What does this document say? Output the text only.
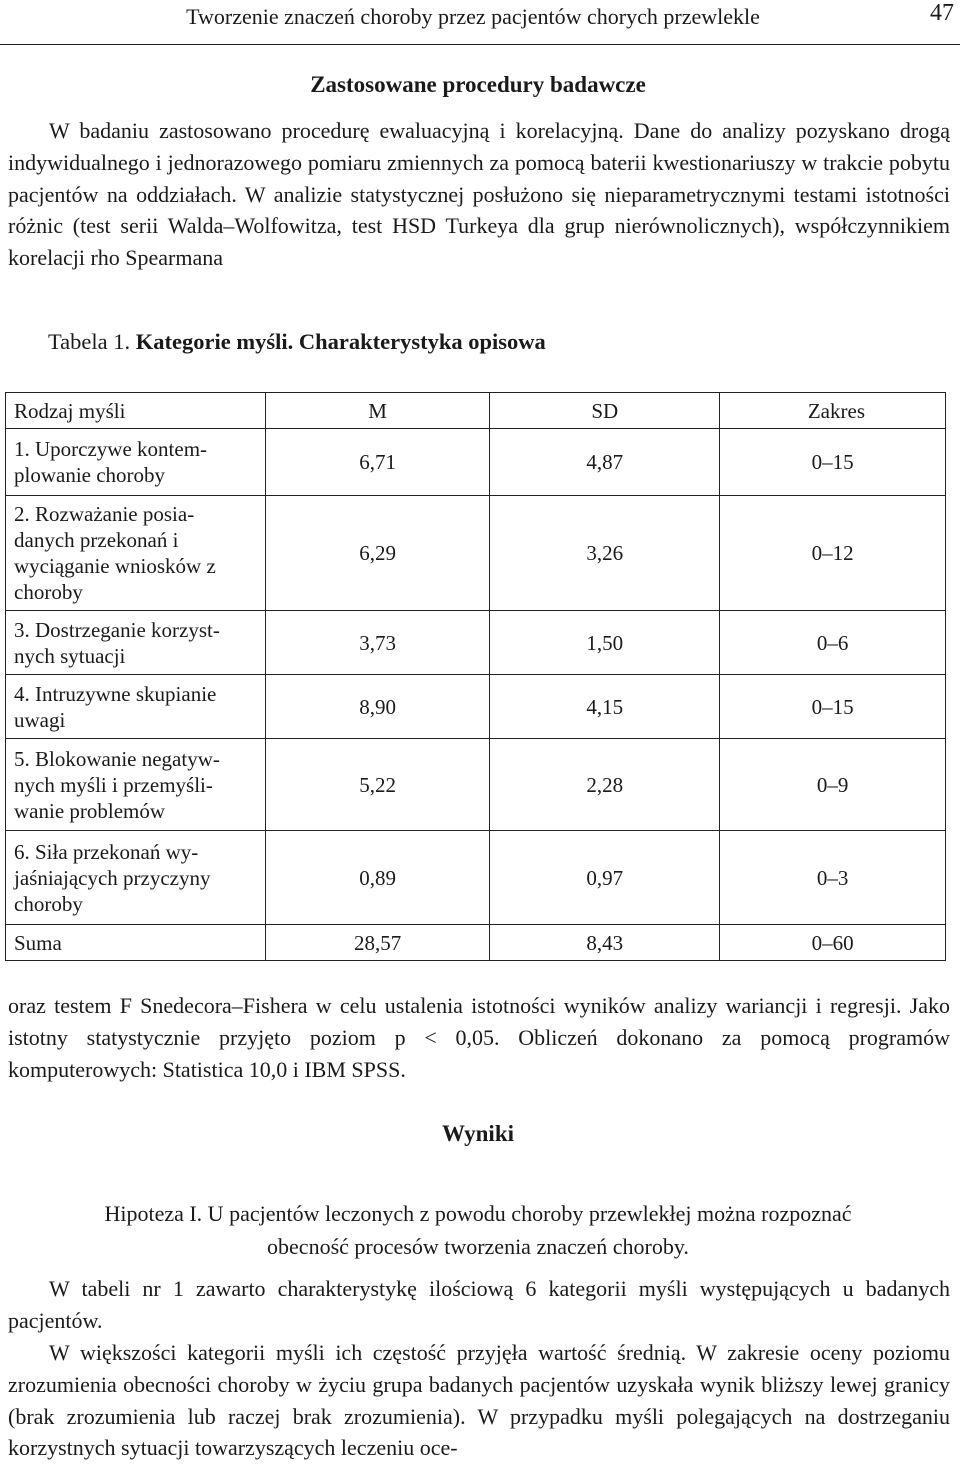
Tworzenie znaczeń choroby przez pacjentów chorych przewlekle	47
Zastosowane procedury badawcze

W badaniu zastosowano procedurę ewaluacyjną i korelacyjną. Dane do analizy pozyskano drogą indywidualnego i jednorazowego pomiaru zmiennych za pomocą baterii kwestionariuszy w trakcie pobytu pacjentów na oddziałach. W analizie statystycznej posłużono się nieparametrycznymi testami istotności różnic (test serii Walda–Wolfowitza, test HSD Turkeya dla grup nierównolicznych), współczynnikiem korelacji rho Spearmana

Tabela 1. Kategorie myśli. Charakterystyka opisowa
Rodzaj myśli	M	SD	Zakres
1. Uporczywe kontem-
plowanie choroby	6,71	4,87	0–15
2. Rozważanie posia-
danych przekonań i
wyciąganie wniosków z
choroby	6,29	3,26	0–12
3. Dostrzeganie korzyst-
nych sytuacji	3,73	1,50	0–6
4. Intruzywne skupianie
uwagi	8,90	4,15	0–15
5. Blokowanie negatyw-
nych myśli i przemyśli-
wanie problemów	5,22	2,28	0–9
6. Siła przekonań wy-
jaśniających przyczyny
choroby	0,89	0,97	0–3
Suma	28,57	8,43	0–60

oraz testem F Snedecora–Fishera w celu ustalenia istotności wyników analizy wariancji i regresji. Jako istotny statystycznie przyjęto poziom p < 0,05. Obliczeń dokonano za pomocą programów komputerowych: Statistica 10,0 i IBM SPSS.

Wyniki
Hipoteza I. U pacjentów leczonych z powodu choroby przewlekłej można rozpoznać
obecność procesów tworzenia znaczeń choroby.

W tabeli nr 1 zawarto charakterystykę ilościową 6 kategorii myśli występujących u badanych pacjentów.

W większości kategorii myśli ich częstość przyjęła wartość średnią. W zakresie oceny poziomu zrozumienia obecności choroby w życiu grupa badanych pacjentów uzyskała wynik bliższy lewej granicy (brak zrozumienia lub raczej brak zrozumienia). W przypadku myśli polegających na dostrzeganiu korzystnych sytuacji towarzyszących leczeniu oce-
